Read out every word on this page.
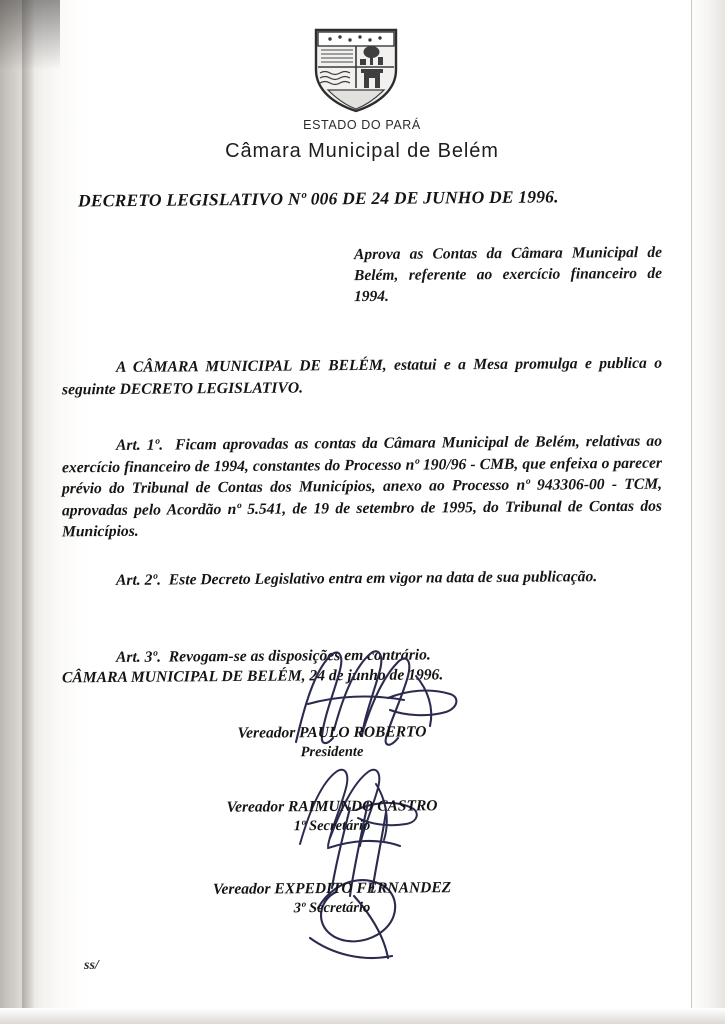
ESTADO DO PARÁ
Câmara Municipal de Belém
DECRETO LEGISLATIVO Nº 006 DE 24 DE JUNHO DE 1996.
Aprova as Contas da Câmara Municipal de Belém, referente ao exercício financeiro de 1994.
A CÂMARA MUNICIPAL DE BELÉM, estatui e a Mesa promulga e publica o seguinte DECRETO LEGISLATIVO.
Art. 1º. Ficam aprovadas as contas da Câmara Municipal de Belém, relativas ao exercício financeiro de 1994, constantes do Processo nº 190/96 - CMB, que enfeixa o parecer prévio do Tribunal de Contas dos Municípios, anexo ao Processo nº 943306-00 - TCM, aprovadas pelo Acordão nº 5.541, de 19 de setembro de 1995, do Tribunal de Contas dos Municípios.
Art. 2º. Este Decreto Legislativo entra em vigor na data de sua publicação.
Art. 3º. Revogam-se as disposições em contrário.
CÂMARA MUNICIPAL DE BELÉM, 24 de junho de 1996.
Vereador PAULO ROBERTO
Presidente
Vereador RAIMUNDO CASTRO
1º Secretário
Vereador EXPEDITO FERNANDEZ
3º Secretário
ss/
